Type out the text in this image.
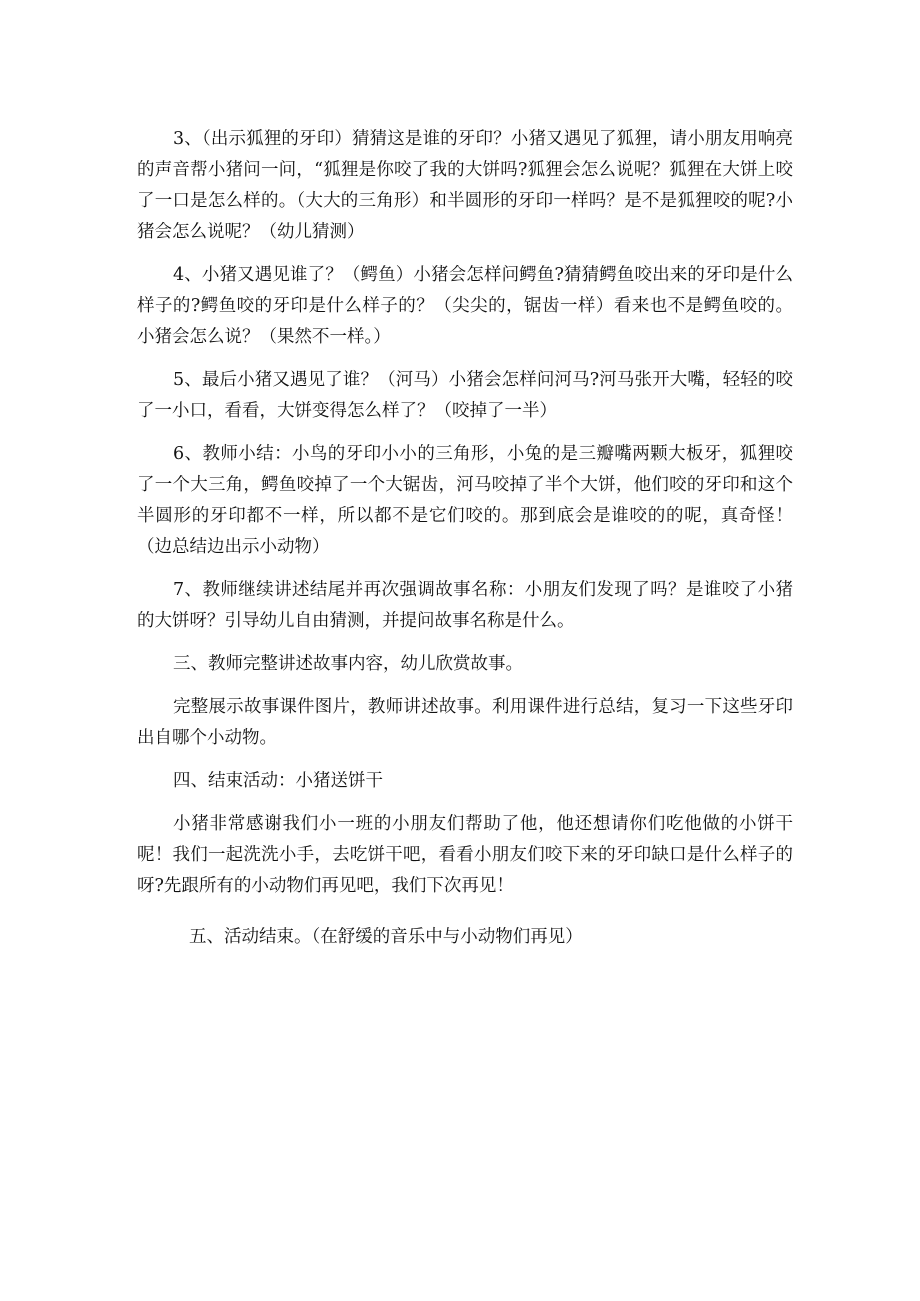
3、（出示狐狸的牙印）猜猜这是谁的牙印？小猪又遇见了狐狸，请小朋友用响亮的声音帮小猪问一问，“狐狸是你咬了我的大饼吗?狐狸会怎么说呢？狐狸在大饼上咬了一口是怎么样的。（大大的三角形）和半圆形的牙印一样吗？是不是狐狸咬的呢?小猪会怎么说呢？（幼儿猜测）

4、小猪又遇见谁了？（鳄鱼）小猪会怎样问鳄鱼?猜猜鳄鱼咬出来的牙印是什么样子的?鳄鱼咬的牙印是什么样子的？（尖尖的，锯齿一样）看来也不是鳄鱼咬的。小猪会怎么说？（果然不一样。）

5、最后小猪又遇见了谁？（河马）小猪会怎样问河马?河马张开大嘴，轻轻的咬了一小口，看看，大饼变得怎么样了？（咬掉了一半）

6、教师小结：小鸟的牙印小小的三角形，小兔的是三瓣嘴两颗大板牙，狐狸咬了一个大三角，鳄鱼咬掉了一个大锯齿，河马咬掉了半个大饼，他们咬的牙印和这个半圆形的牙印都不一样，所以都不是它们咬的。那到底会是谁咬的的呢，真奇怪！（边总结边出示小动物）

7、教师继续讲述结尾并再次强调故事名称：小朋友们发现了吗？是谁咬了小猪的大饼呀？引导幼儿自由猜测，并提问故事名称是什么。

三、教师完整讲述故事内容，幼儿欣赏故事。

完整展示故事课件图片，教师讲述故事。利用课件进行总结，复习一下这些牙印出自哪个小动物。

四、结束活动：小猪送饼干

小猪非常感谢我们小一班的小朋友们帮助了他，他还想请你们吃他做的小饼干呢！我们一起洗洗小手，去吃饼干吧，看看小朋友们咬下来的牙印缺口是什么样子的呀?先跟所有的小动物们再见吧，我们下次再见！

五、活动结束。（在舒缓的音乐中与小动物们再见）
